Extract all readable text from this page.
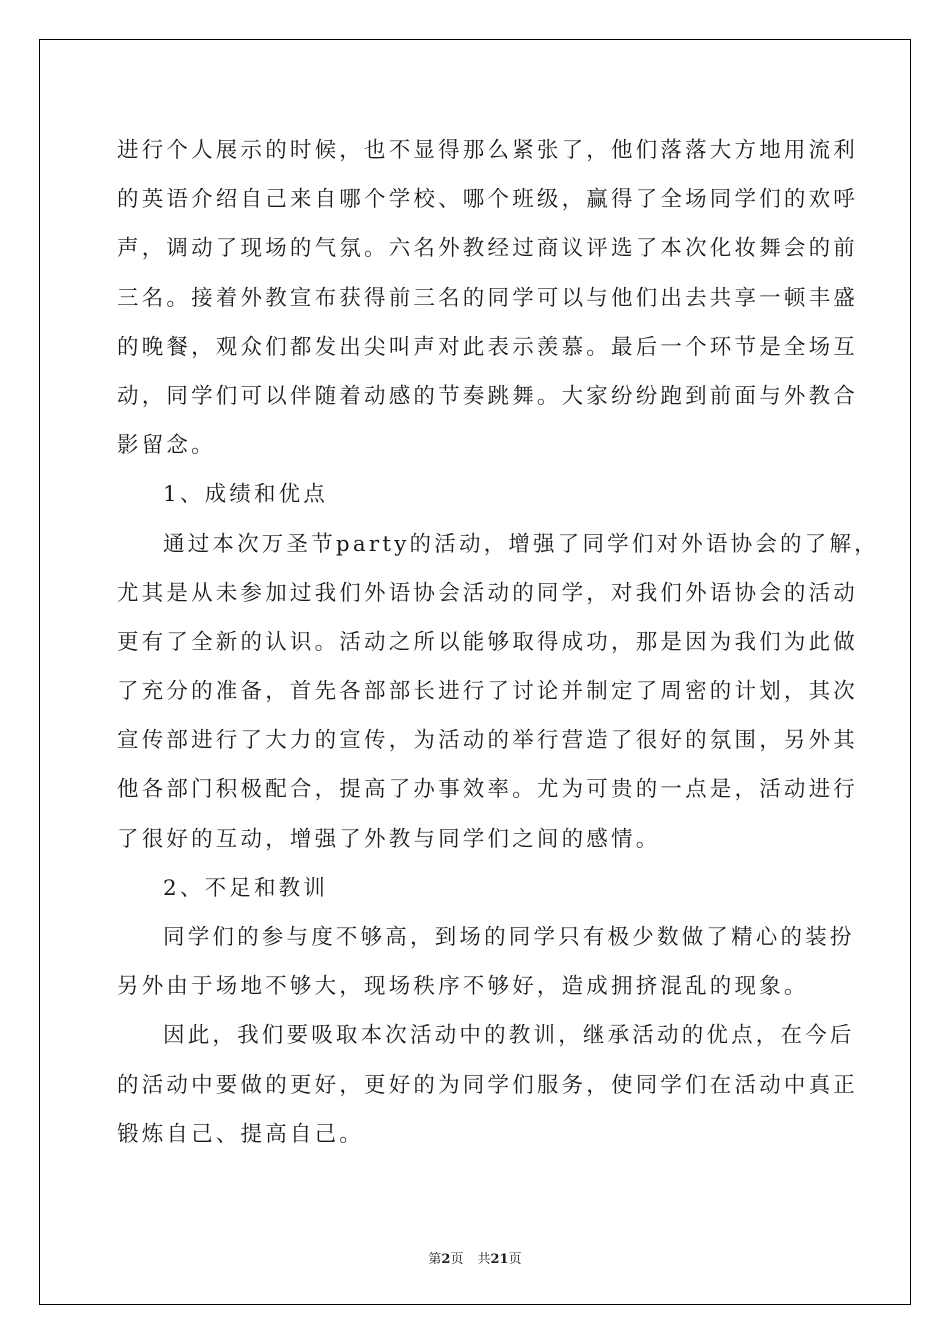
进行个人展示的时候，也不显得那么紧张了，他们落落大方地用流利
的英语介绍自己来自哪个学校、哪个班级，赢得了全场同学们的欢呼
声，调动了现场的气氛。六名外教经过商议评选了本次化妆舞会的前
三名。接着外教宣布获得前三名的同学可以与他们出去共享一顿丰盛
的晚餐，观众们都发出尖叫声对此表示羡慕。最后一个环节是全场互
动，同学们可以伴随着动感的节奏跳舞。大家纷纷跑到前面与外教合
影留念。
1、成绩和优点
通过本次万圣节party的活动，增强了同学们对外语协会的了解，
尤其是从未参加过我们外语协会活动的同学，对我们外语协会的活动
更有了全新的认识。活动之所以能够取得成功，那是因为我们为此做
了充分的准备，首先各部部长进行了讨论并制定了周密的计划，其次
宣传部进行了大力的宣传，为活动的举行营造了很好的氛围，另外其
他各部门积极配合，提高了办事效率。尤为可贵的一点是，活动进行
了很好的互动，增强了外教与同学们之间的感情。
2、不足和教训
同学们的参与度不够高，到场的同学只有极少数做了精心的装扮
另外由于场地不够大，现场秩序不够好，造成拥挤混乱的现象。
因此，我们要吸取本次活动中的教训，继承活动的优点，在今后
的活动中要做的更好，更好的为同学们服务，使同学们在活动中真正
锻炼自己、提高自己。
第2页 共21页
